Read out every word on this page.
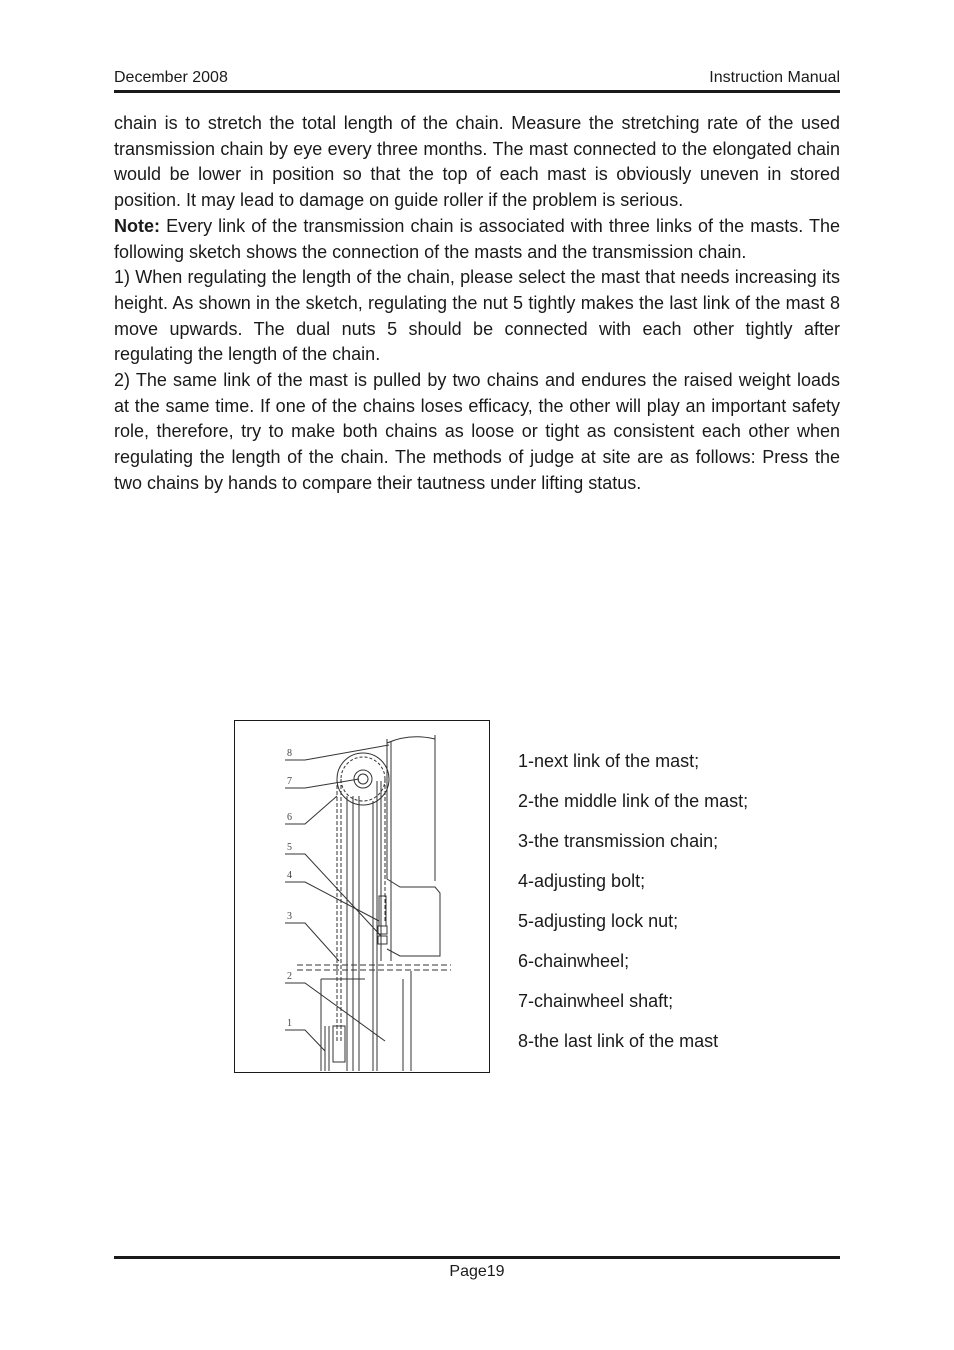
December 2008	Instruction Manual

chain is to stretch the total length of the chain. Measure the stretching rate of the used transmission chain by eye every three months. The mast connected to the elongated chain would be lower in position so that the top of each mast is obviously uneven in stored position. It may lead to damage on guide roller if the problem is serious.

Note: Every link of the transmission chain is associated with three links of the masts. The following sketch shows the connection of the masts and the transmission chain.

1) When regulating the length of the chain, please select the mast that needs increasing its height. As shown in the sketch, regulating the nut 5 tightly makes the last link of the mast 8 move upwards. The dual nuts 5 should be connected with each other tightly after regulating the length of the chain.

2) The same link of the mast is pulled by two chains and endures the raised weight loads at the same time. If one of the chains loses efficacy, the other will play an important safety role, therefore, try to make both chains as loose or tight as consistent each other when regulating the length of the chain. The methods of judge at site are as follows: Press the two chains by hands to compare their tautness under lifting status.

8
7
6
5
4
3
2
1
1-next link of the mast;
2-the middle link of the mast;
3-the transmission chain;
4-adjusting bolt;
5-adjusting lock nut;
6-chainwheel;
7-chainwheel shaft;
8-the last link of the mast
Page19
